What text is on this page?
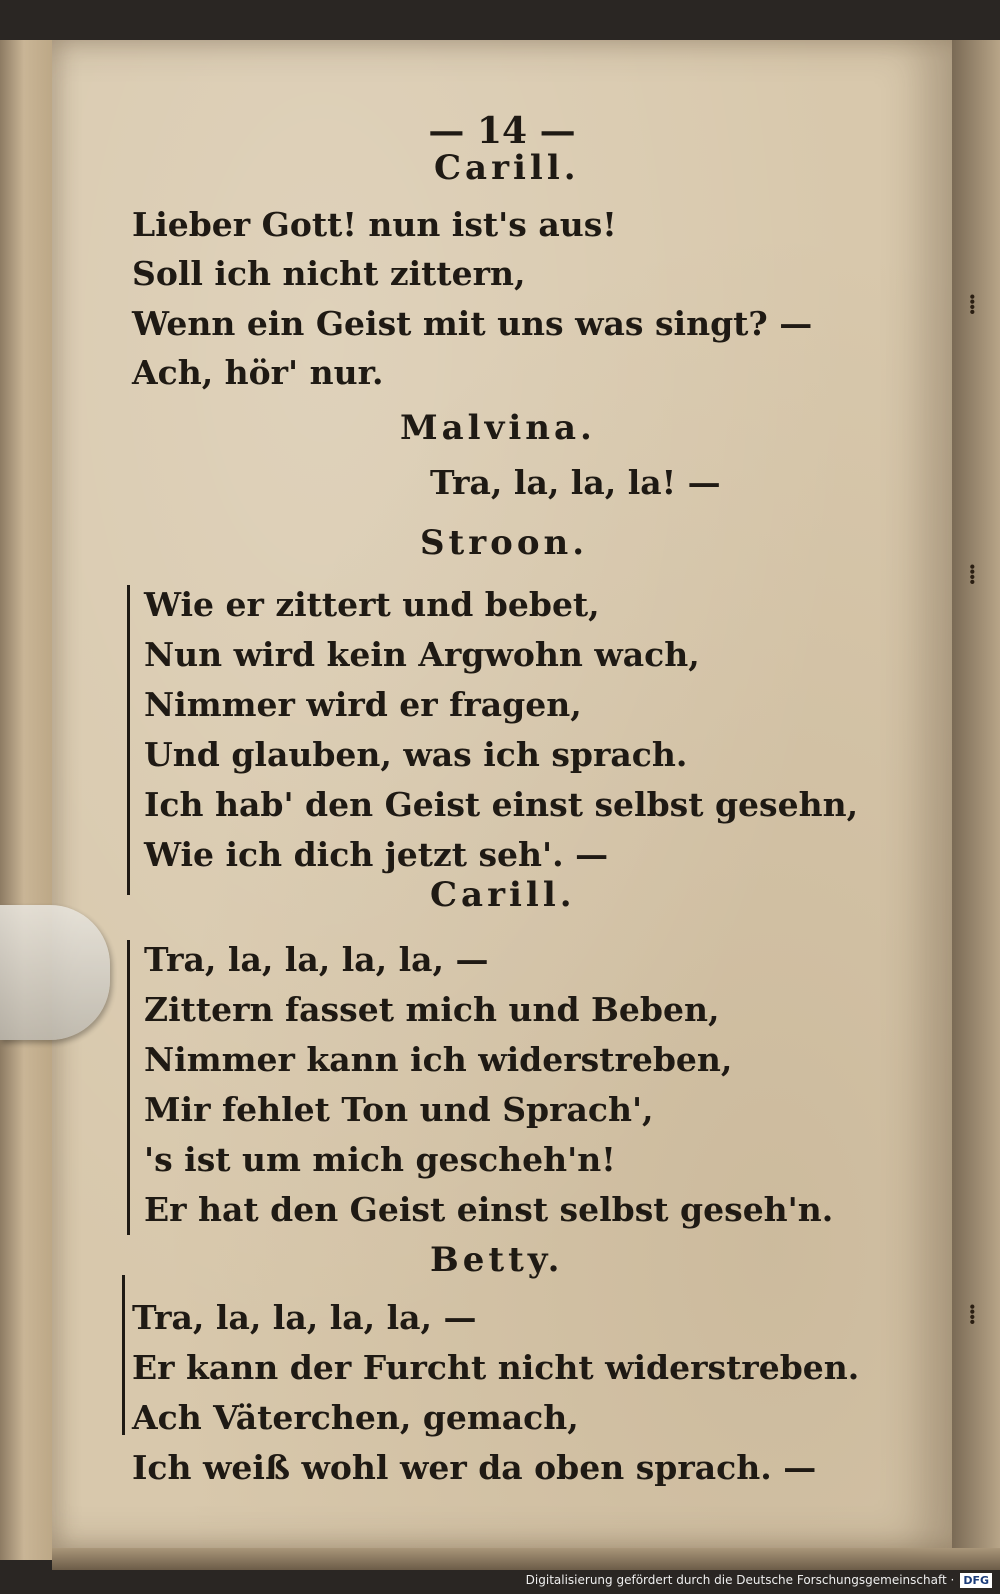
— 14 —
Carill.
Lieber Gott! nun ist's aus!
Soll ich nicht zittern,
Wenn ein Geist mit uns was singt? —
Ach, hör' nur.
Malvina.
Tra, la, la, la! —
Stroon.
Wie er zittert und bebet,
Nun wird kein Argwohn wach,
Nimmer wird er fragen,
Und glauben, was ich sprach.
Ich hab' den Geist einst selbst gesehn,
Wie ich dich jetzt seh'. —
Carill.
Tra, la, la, la, la, —
Zittern fasset mich und Beben,
Nimmer kann ich widerstreben,
Mir fehlet Ton und Sprach',
's ist um mich gescheh'n!
Er hat den Geist einst selbst geseh'n.
Betty.
Tra, la, la, la, la, —
Er kann der Furcht nicht widerstreben.
Ach Väterchen, gemach,
Ich weiß wohl wer da oben sprach. —
⁞
⁞
⁞
Digitalisierung gefördert durch die Deutsche Forschungsgemeinschaft · DFG
